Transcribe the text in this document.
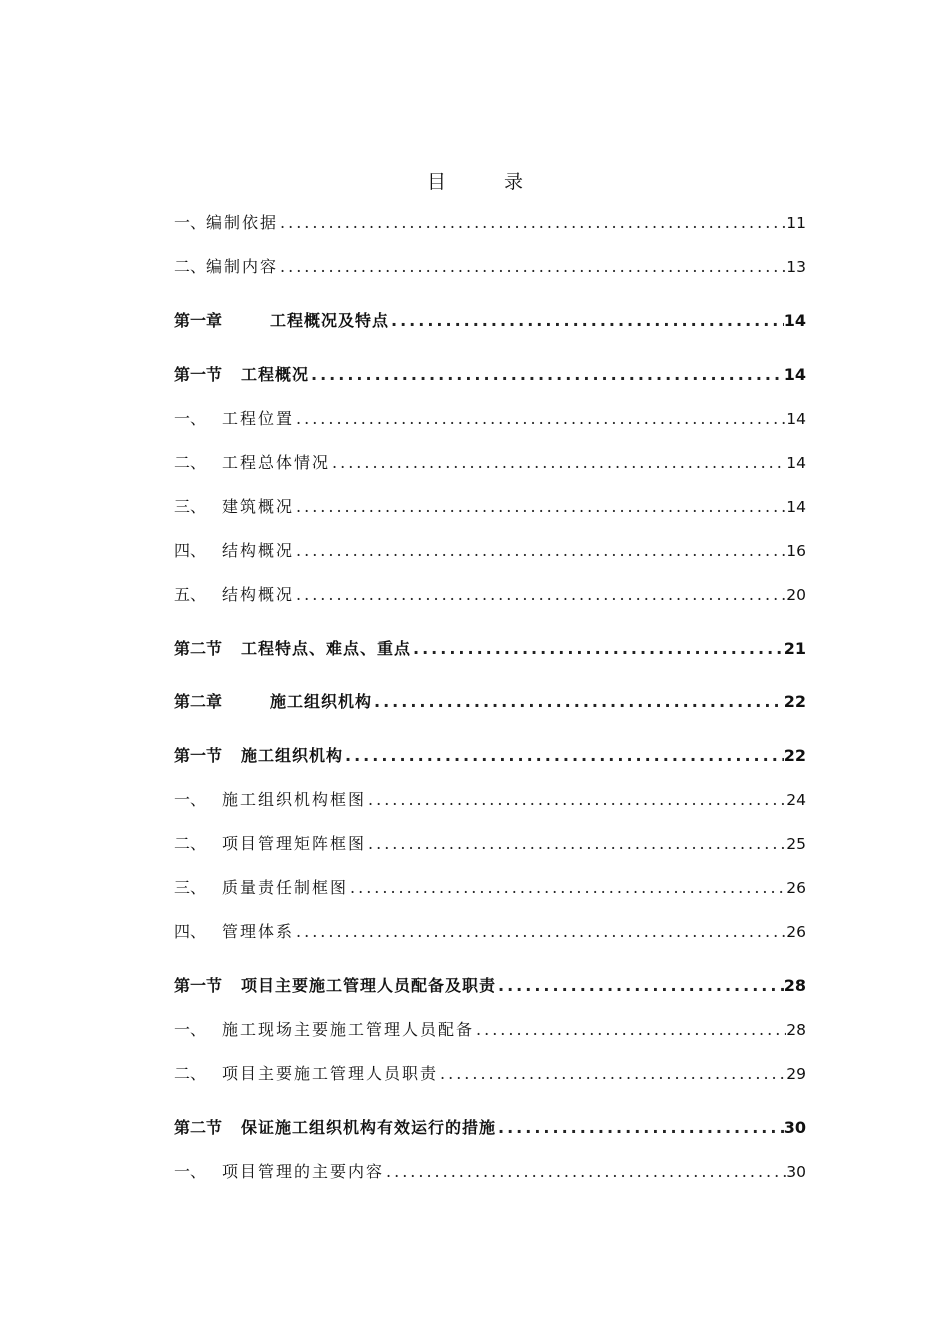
目 录
一、 编制依据 .....	11
二、 编制内容 .....	13
第一章	工程概况及特点 .....	14
第一节	工程概况 .....	14
一、 工程位置 .....	14
二、 工程总体情况 .....	14
三、 建筑概况 .....	14
四、 结构概况 .....	16
五、 结构概况 .....	20
第二节	工程特点、难点、重点 .....	21
第二章	施工组织机构 .....	22
第一节	施工组织机构 .....	22
一、 施工组织机构框图 .....	24
二、 项目管理矩阵框图 .....	25
三、 质量责任制框图 .....	26
四、 管理体系 .....	26
第一节	项目主要施工管理人员配备及职责 .....	28
一、 施工现场主要施工管理人员配备 .....	28
二、 项目主要施工管理人员职责 .....	29
第二节	保证施工组织机构有效运行的措施 .....	30
一、 项目管理的主要内容 .....	30
